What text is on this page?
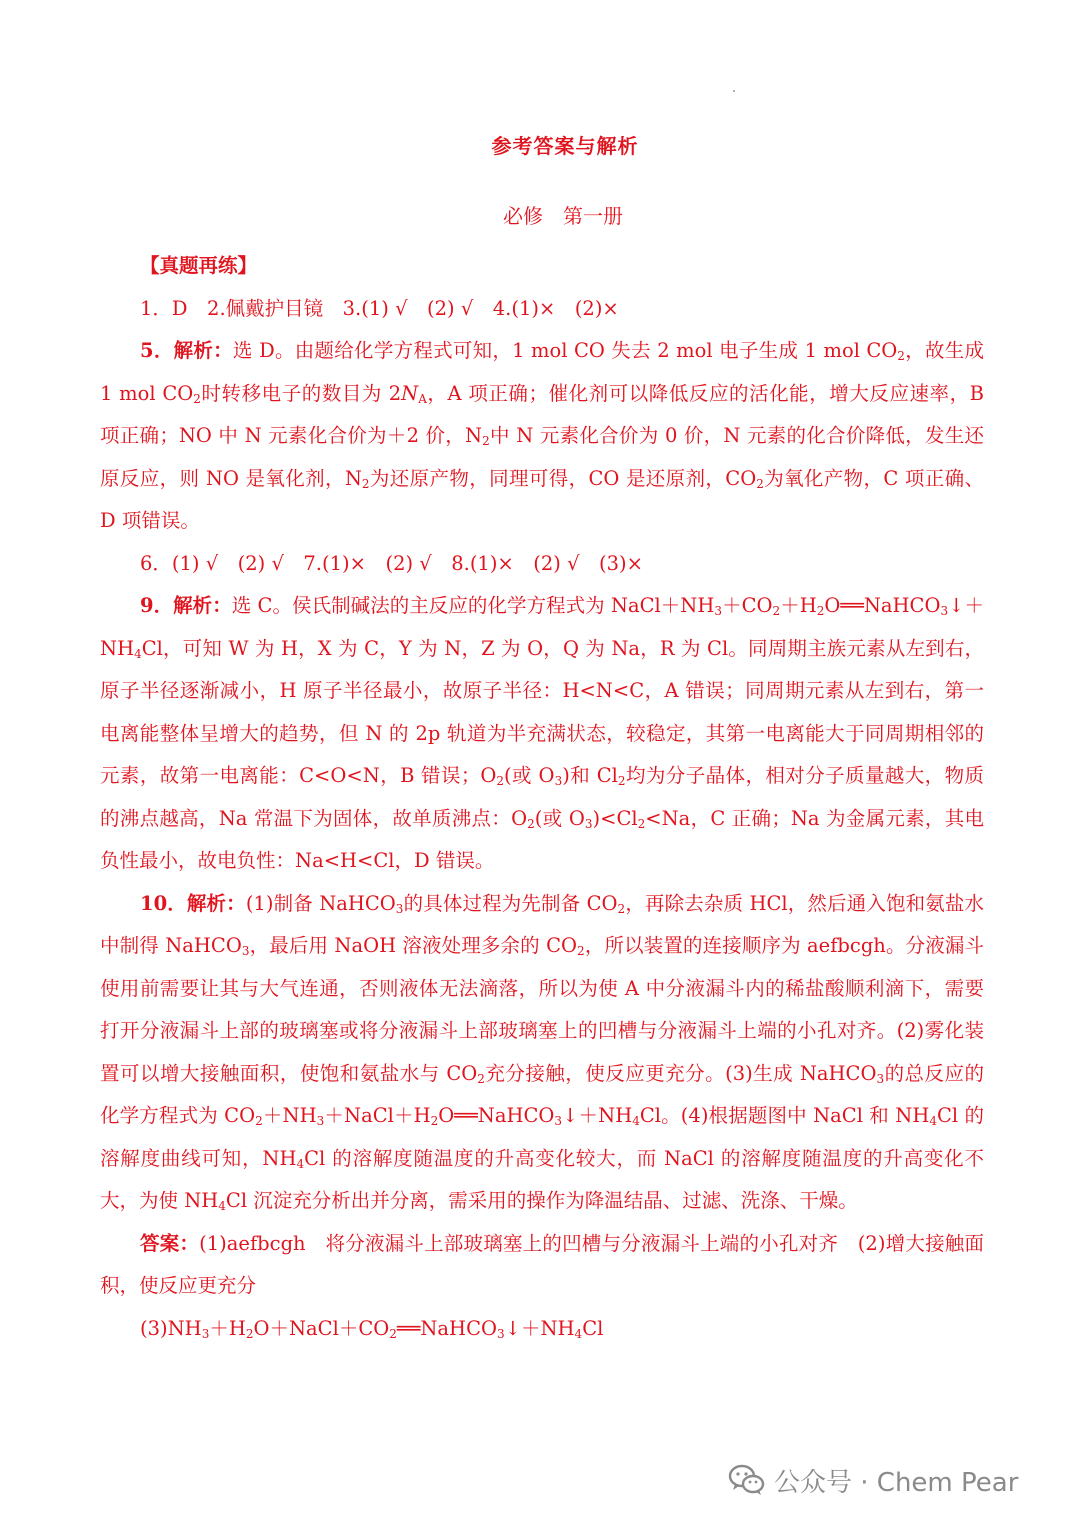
参考答案与解析
必修　第一册
【真题再练】

1．D　2.佩戴护目镜　3.(1) √　(2) √　4.(1)×　(2)×

5．解析：选 D。由题给化学方程式可知，1 mol CO 失去 2 mol 电子生成 1 mol $CO_2$，故生成 1 mol $CO_2$时转移电子的数目为 $2N_A$，A 项正确；催化剂可以降低反应的活化能，增大反应速率，B 项正确；NO 中 N 元素化合价为＋2 价，$N_2$中 N 元素化合价为 0 价，N 元素的化合价降低，发生还原反应，则 NO 是氧化剂，$N_2$为还原产物，同理可得，CO 是还原剂，$CO_2$为氧化产物，C 项正确、D 项错误。

6．(1) √　(2) √　7.(1)×　(2) √　8.(1)×　(2) √　(3)×

9．解析：选 C。侯氏制碱法的主反应的化学方程式为 $NaCl+NH_3+CO_2+H_2O══NaHCO_3↓+NH_4Cl$，可知 W 为 H，X 为 C，Y 为 N，Z 为 O，Q 为 Na，R 为 Cl。同周期主族元素从左到右，原子半径逐渐减小，H 原子半径最小，故原子半径：H<N<C，A 错误；同周期元素从左到右，第一电离能整体呈增大的趋势，但 N 的 2p 轨道为半充满状态，较稳定，其第一电离能大于同周期相邻的元素，故第一电离能：C<O<N，B 错误；$O_2$(或 $O_3$)和 $Cl_2$均为分子晶体，相对分子质量越大，物质的沸点越高，Na 常温下为固体，故单质沸点：$O_2$(或 $O_3)<Cl_2<Na$，C 正确；Na 为金属元素，其电负性最小，故电负性：Na<H<Cl，D 错误。

10．解析：(1)制备 NaHCO$_3$的具体过程为先制备 $CO_2$，再除去杂质 HCl，然后通入饱和氨盐水中制得 NaHCO$_3$，最后用 NaOH 溶液处理多余的 $CO_2$，所以装置的连接顺序为 aefbcgh。分液漏斗使用前需要让其与大气连通，否则液体无法滴落，所以为使 A 中分液漏斗内的稀盐酸顺利滴下，需要打开分液漏斗上部的玻璃塞或将分液漏斗上部玻璃塞上的凹槽与分液漏斗上端的小孔对齐。(2)雾化装置可以增大接触面积，使饱和氨盐水与 $CO_2$充分接触，使反应更充分。(3)生成 NaHCO$_3$的总反应的化学方程式为 $CO_2+NH_3+NaCl+H_2O══NaHCO_3↓+NH_4Cl$。(4)根据题图中 NaCl 和 $NH_4Cl$ 的溶解度曲线可知，$NH_4Cl$ 的溶解度随温度的升高变化较大，而 NaCl 的溶解度随温度的升高变化不大，为使 $NH_4Cl$ 沉淀充分析出并分离，需采用的操作为降温结晶、过滤、洗涤、干燥。

答案：(1)aefbcgh　将分液漏斗上部玻璃塞上的凹槽与分液漏斗上端的小孔对齐　(2)增大接触面积，使反应更充分

$(3)NH_3+H_2O+NaCl+CO_2══NaHCO_3↓+NH_4Cl$

公众号 · Chem Pear
